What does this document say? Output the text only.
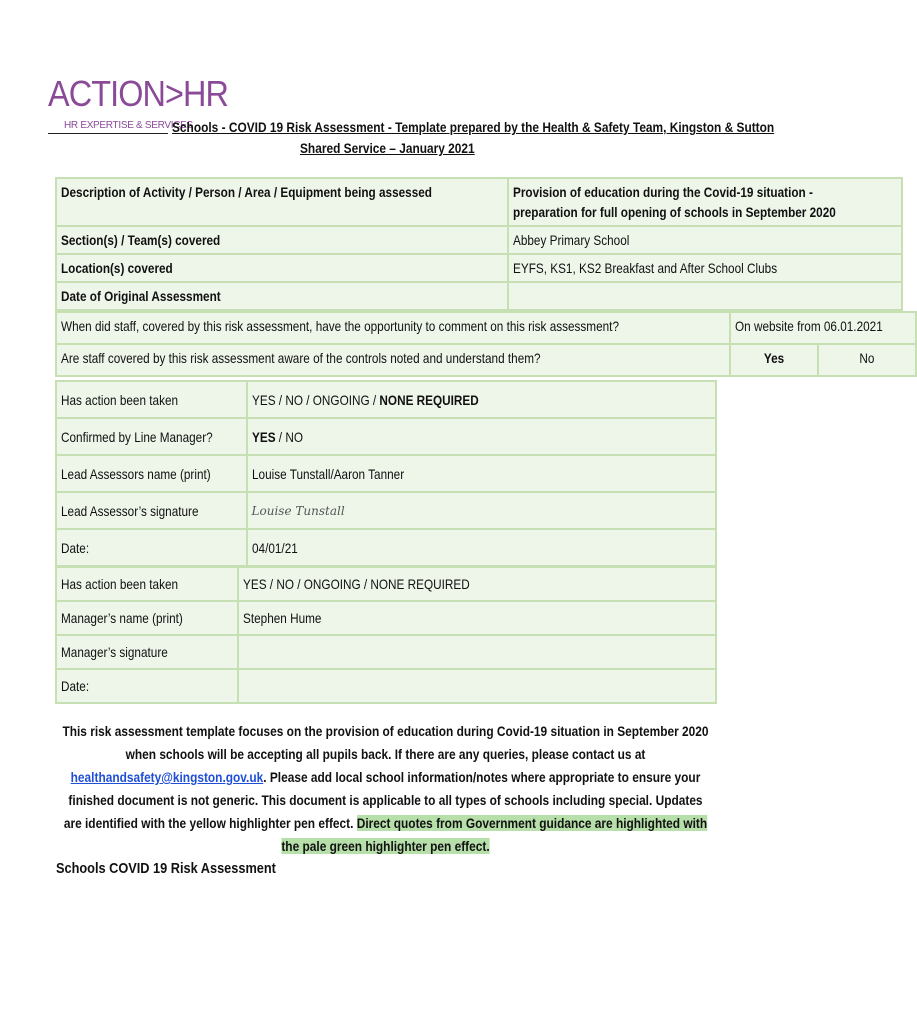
ACTION>HR
HR EXPERTISE & SERVICES
Schools - COVID 19 Risk Assessment - Template prepared by the Health & Safety Team, Kingston & Sutton
Shared Service – January 2021
Description of Activity / Person / Area / Equipment being assessed	Provision of education during the Covid-19 situation -
preparation for full opening of schools in September 2020

Section(s) / Team(s) covered	Abbey Primary School
Location(s) covered	EYFS, KS1, KS2 Breakfast and After School Clubs
Date of Original Assessment	
When did staff, covered by this risk assessment, have the opportunity to comment on this risk assessment?	On website from 06.01.2021	
Are staff covered by this risk assessment aware of the controls noted and understand them?	Yes	No
Has action been taken	YES / NO / ONGOING / NONE REQUIRED
Confirmed by Line Manager?	YES / NO
Lead Assessors name (print)	Louise Tunstall/Aaron Tanner
Lead Assessor’s signature	Louise Tunstall
Date:	04/01/21
Has action been taken	YES / NO / ONGOING / NONE REQUIRED
Manager’s name (print)	Stephen Hume
Manager’s signature	
Date:	
This risk assessment template focuses on the provision of education during Covid-19 situation in September 2020 when schools will be accepting all pupils back. If there are any queries, please contact us at healthandsafety@kingston.gov.uk. Please add local school information/notes where appropriate to ensure your finished document is not generic. This document is applicable to all types of schools including special. Updates are identified with the yellow highlighter pen effect. Direct quotes from Government guidance are highlighted with the pale green highlighter pen effect.
Schools COVID 19 Risk Assessment
